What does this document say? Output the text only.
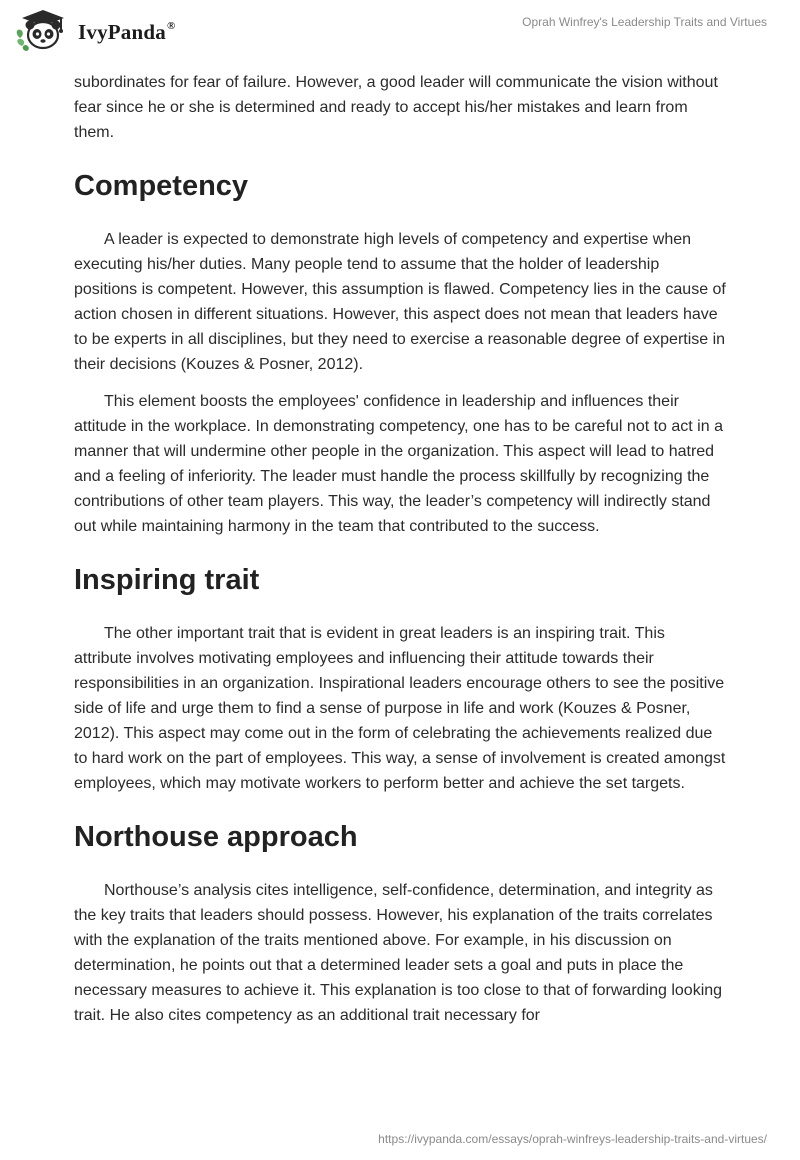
IvyPanda®	Oprah Winfrey's Leadership Traits and Virtues

subordinates for fear of failure. However, a good leader will communicate the vision without fear since he or she is determined and ready to accept his/her mistakes and learn from them.

Competency

A leader is expected to demonstrate high levels of competency and expertise when executing his/her duties. Many people tend to assume that the holder of leadership positions is competent. However, this assumption is flawed. Competency lies in the cause of action chosen in different situations. However, this aspect does not mean that leaders have to be experts in all disciplines, but they need to exercise a reasonable degree of expertise in their decisions (Kouzes & Posner, 2012).

This element boosts the employees' confidence in leadership and influences their attitude in the workplace. In demonstrating competency, one has to be careful not to act in a manner that will undermine other people in the organization. This aspect will lead to hatred and a feeling of inferiority. The leader must handle the process skillfully by recognizing the contributions of other team players. This way, the leader’s competency will indirectly stand out while maintaining harmony in the team that contributed to the success.

Inspiring trait

The other important trait that is evident in great leaders is an inspiring trait. This attribute involves motivating employees and influencing their attitude towards their responsibilities in an organization. Inspirational leaders encourage others to see the positive side of life and urge them to find a sense of purpose in life and work (Kouzes & Posner, 2012). This aspect may come out in the form of celebrating the achievements realized due to hard work on the part of employees. This way, a sense of involvement is created amongst employees, which may motivate workers to perform better and achieve the set targets.

Northouse approach

Northouse’s analysis cites intelligence, self-confidence, determination, and integrity as the key traits that leaders should possess. However, his explanation of the traits correlates with the explanation of the traits mentioned above. For example, in his discussion on determination, he points out that a determined leader sets a goal and puts in place the necessary measures to achieve it. This explanation is too close to that of forwarding looking trait. He also cites competency as an additional trait necessary for

https://ivypanda.com/essays/oprah-winfreys-leadership-traits-and-virtues/
